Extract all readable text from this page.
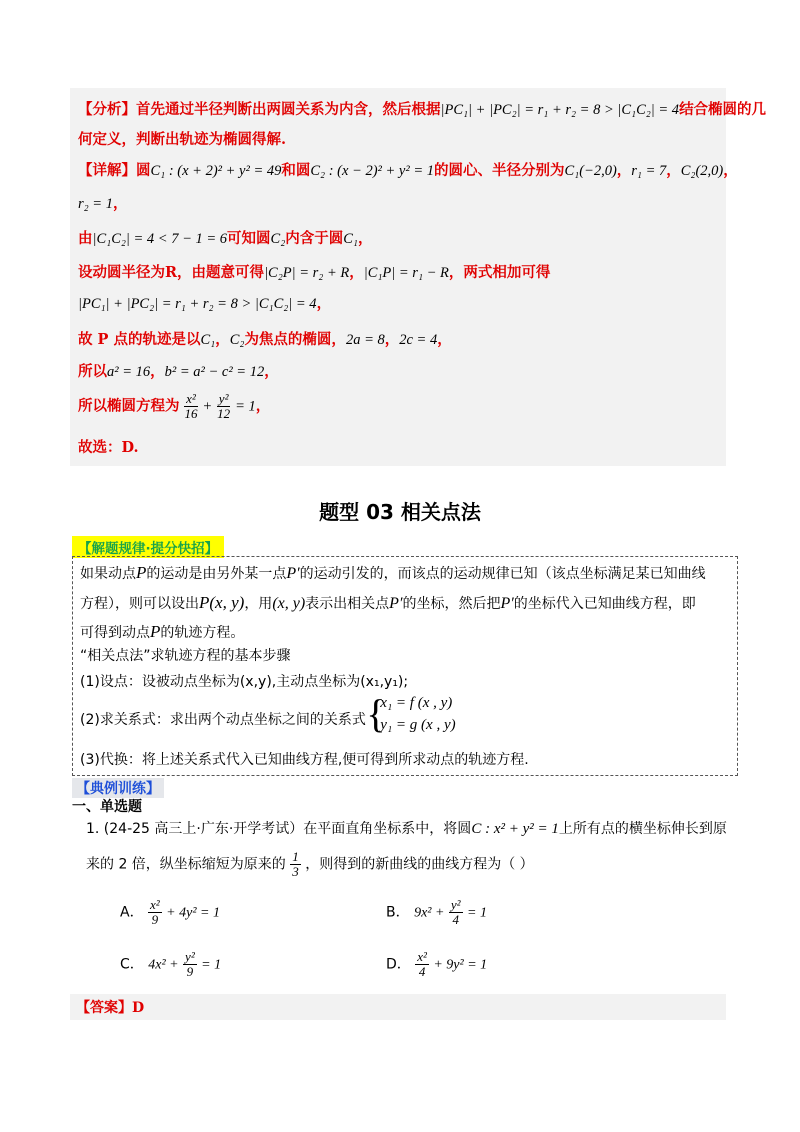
【分析】首先通过半径判断出两圆关系为内含，然后根据|PC₁| + |PC₂| = r₁ + r₂ = 8 > |C₁C₂| = 4结合椭圆的几
何定义，判断出轨迹为椭圆得解.
【详解】圆C₁ : (x + 2)² + y² = 49和圆C₂ : (x − 2)² + y² = 1的圆心、半径分别为C₁(−2,0)，r₁ = 7，C₂(2,0)，
r₂ = 1，
由|C₁C₂| = 4 < 7 − 1 = 6可知圆C₂内含于圆C₁，
设动圆半径为R，由题意可得|C₂P| = r₂ + R，|C₁P| = r₁ − R，两式相加可得
|PC₁| + |PC₂| = r₁ + r₂ = 8 > |C₁C₂| = 4，
故 P 点的轨迹是以C₁，C₂为焦点的椭圆，2a = 8，2c = 4，
所以a² = 16，b² = a² − c² = 12，
所以椭圆方程为 $\frac{\text{x²}}{16} + \frac{\text{y²}}{12} = 1$，
故选：D.
题型 03 相关点法
【解题规律·提分快招】
如果动点P的运动是由另外某一点P′的运动引发的，而该点的运动规律已知（该点坐标满足某已知曲线
方程），则可以设出P(x, y)，用(x, y)表示出相关点P′的坐标，然后把P′的坐标代入已知曲线方程，即
可得到动点P的轨迹方程。
“相关点法”求轨迹方程的基本步骤
(1)设点：设被动点坐标为(x,y),主动点坐标为(x₁,y₁);
(2)求关系式：求出两个动点坐标之间的关系式
{ x₁ = f (x , y)
y₁ = g (x , y)
(3)代换：将上述关系式代入已知曲线方程,便可得到所求动点的轨迹方程.
【典例训练】
一、单选题
1. (24-25 高三上·广东·开学考试）在平面直角坐标系中，将圆C : x² + y² = 1上所有点的横坐标伸长到原
来的 2 倍，纵坐标缩短为原来的 $\frac{1}{3}$ ，则得到的新曲线的曲线方程为（ ）
A． $\frac{\text{x²}}{9} + 4y^2 = 1$	B． $9x^2 + \frac{\text{y²}}{4} = 1$
C． $4x^2 + \frac{\text{y²}}{9} = 1$	D． $\frac{\text{x²}}{4} + 9y^2 = 1$
【答案】D
